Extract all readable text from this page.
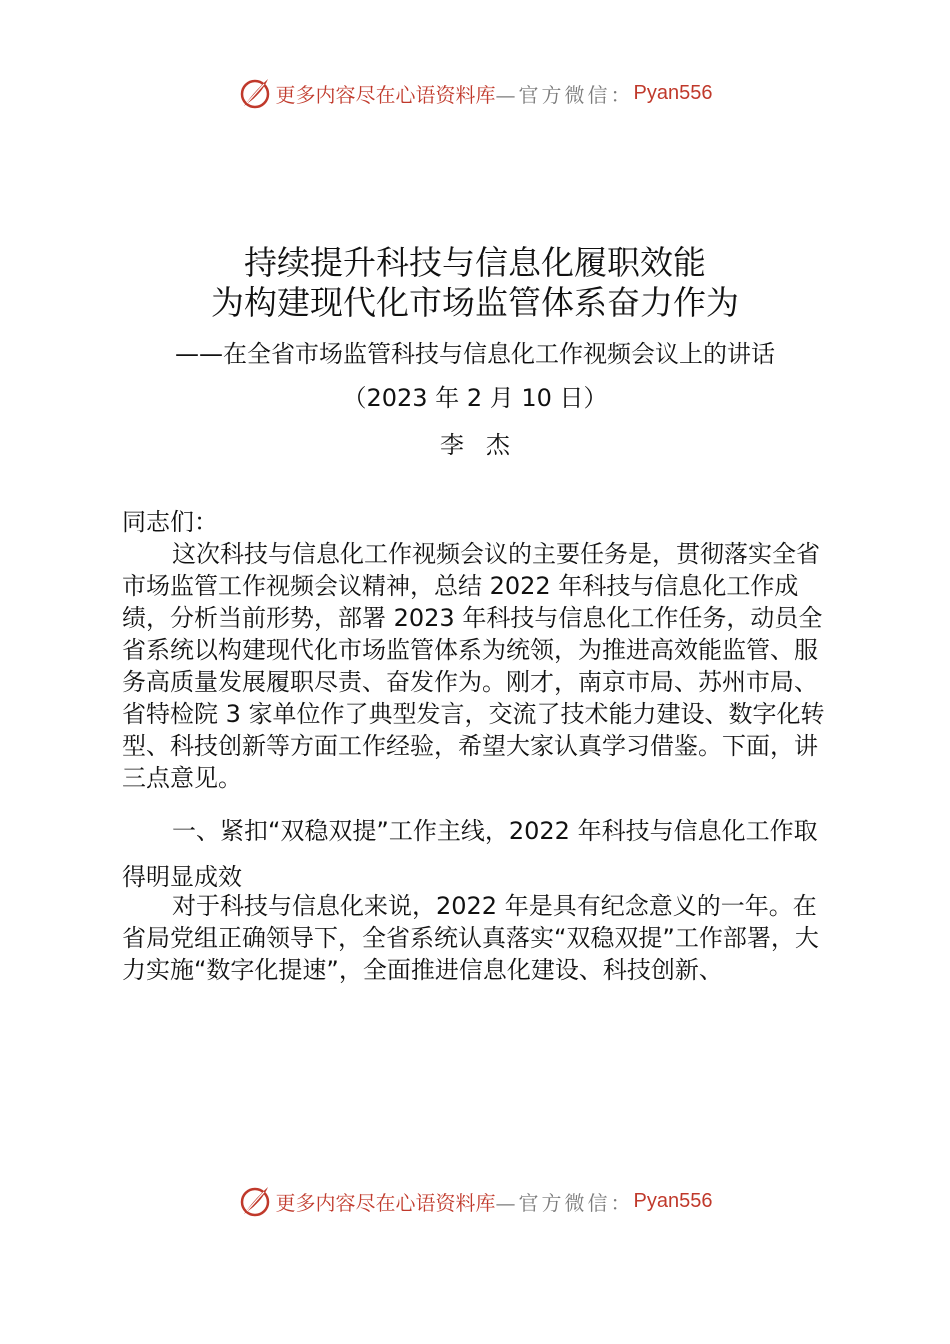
更多内容尽在心语资料库 —官方微信： Pyan556
持续提升科技与信息化履职效能
为构建现代化市场监管体系奋力作为
——在全省市场监管科技与信息化工作视频会议上的讲话
（2023 年 2 月 10 日）
李杰
同志们：
这次科技与信息化工作视频会议的主要任务是，贯彻落实全省市场监管工作视频会议精神，总结 2022 年科技与信息化工作成绩，分析当前形势，部署 2023 年科技与信息化工作任务，动员全省系统以构建现代化市场监管体系为统领，为推进高效能监管、服务高质量发展履职尽责、奋发作为。刚才，南京市局、苏州市局、省特检院 3 家单位作了典型发言，交流了技术能力建设、数字化转型、科技创新等方面工作经验，希望大家认真学习借鉴。下面，讲三点意见。
一、紧扣“双稳双提”工作主线，2022 年科技与信息化工作取得明显成效
对于科技与信息化来说，2022 年是具有纪念意义的一年。在省局党组正确领导下，全省系统认真落实“双稳双提”工作部署，大力实施“数字化提速”，全面推进信息化建设、科技创新、
更多内容尽在心语资料库 —官方微信： Pyan556
